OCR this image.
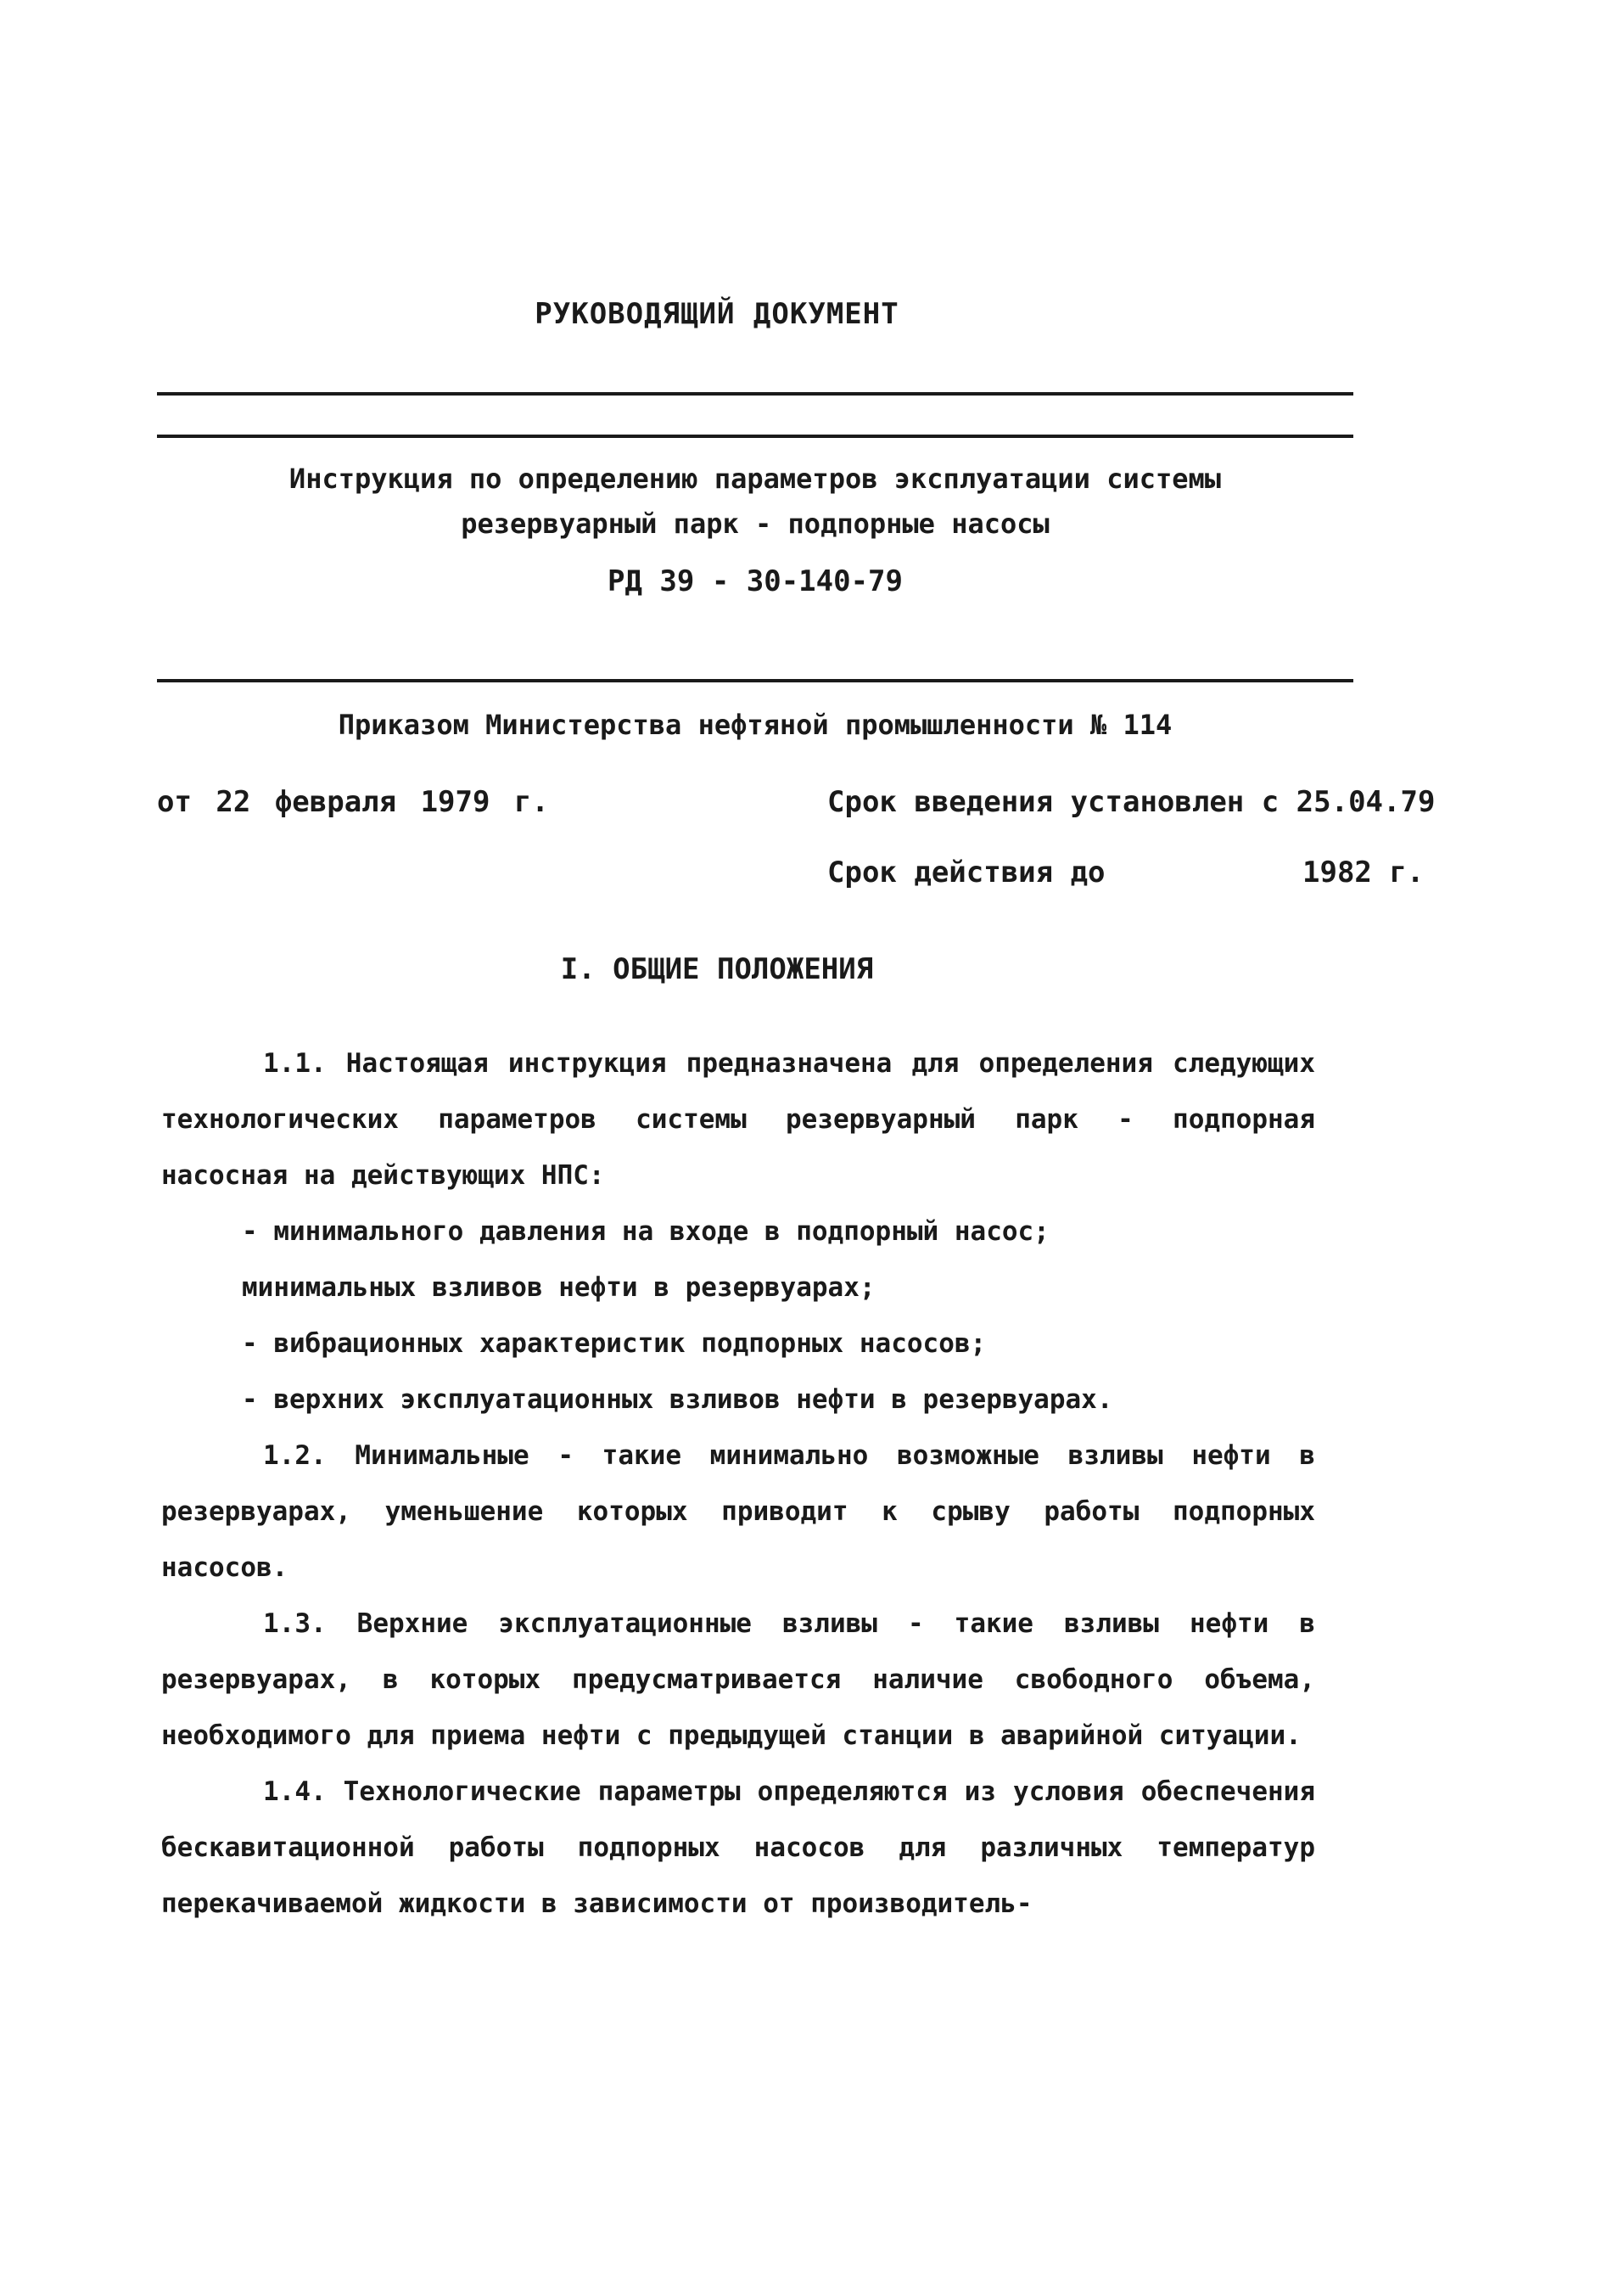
РУКОВОДЯЩИЙ ДОКУМЕНТ
Инструкция по определению параметров эксплуатации системы
резервуарный парк - подпорные насосы
РД 39 - 30-140-79
Приказом Министерства нефтяной промышленности № 114
от 22 февраля 1979 г.	Срок введения установлен с 25.04.79
Срок действия до	1982 г.
I. ОБЩИЕ ПОЛОЖЕНИЯ

1.1. Настоящая инструкция предназначена для определения следующих технологических параметров системы резервуарный парк - подпорная насосная на действующих НПС:

- минимального давления на входе в подпорный насос;
минимальных взливов нефти в резервуарах;
- вибрационных характеристик подпорных насосов;
- верхних эксплуатационных взливов нефти в резервуарах.

1.2. Минимальные - такие минимально возможные взливы нефти в резервуарах, уменьшение которых приводит к срыву работы подпорных насосов.

1.3. Верхние эксплуатационные взливы - такие взливы нефти в резервуарах, в которых предусматривается наличие свободного объема, необходимого для приема нефти с предыдущей станции в аварийной ситуации.

1.4. Технологические параметры определяются из условия обеспечения бескавитационной работы подпорных насосов для различных температур перекачиваемой жидкости в зависимости от производитель-
